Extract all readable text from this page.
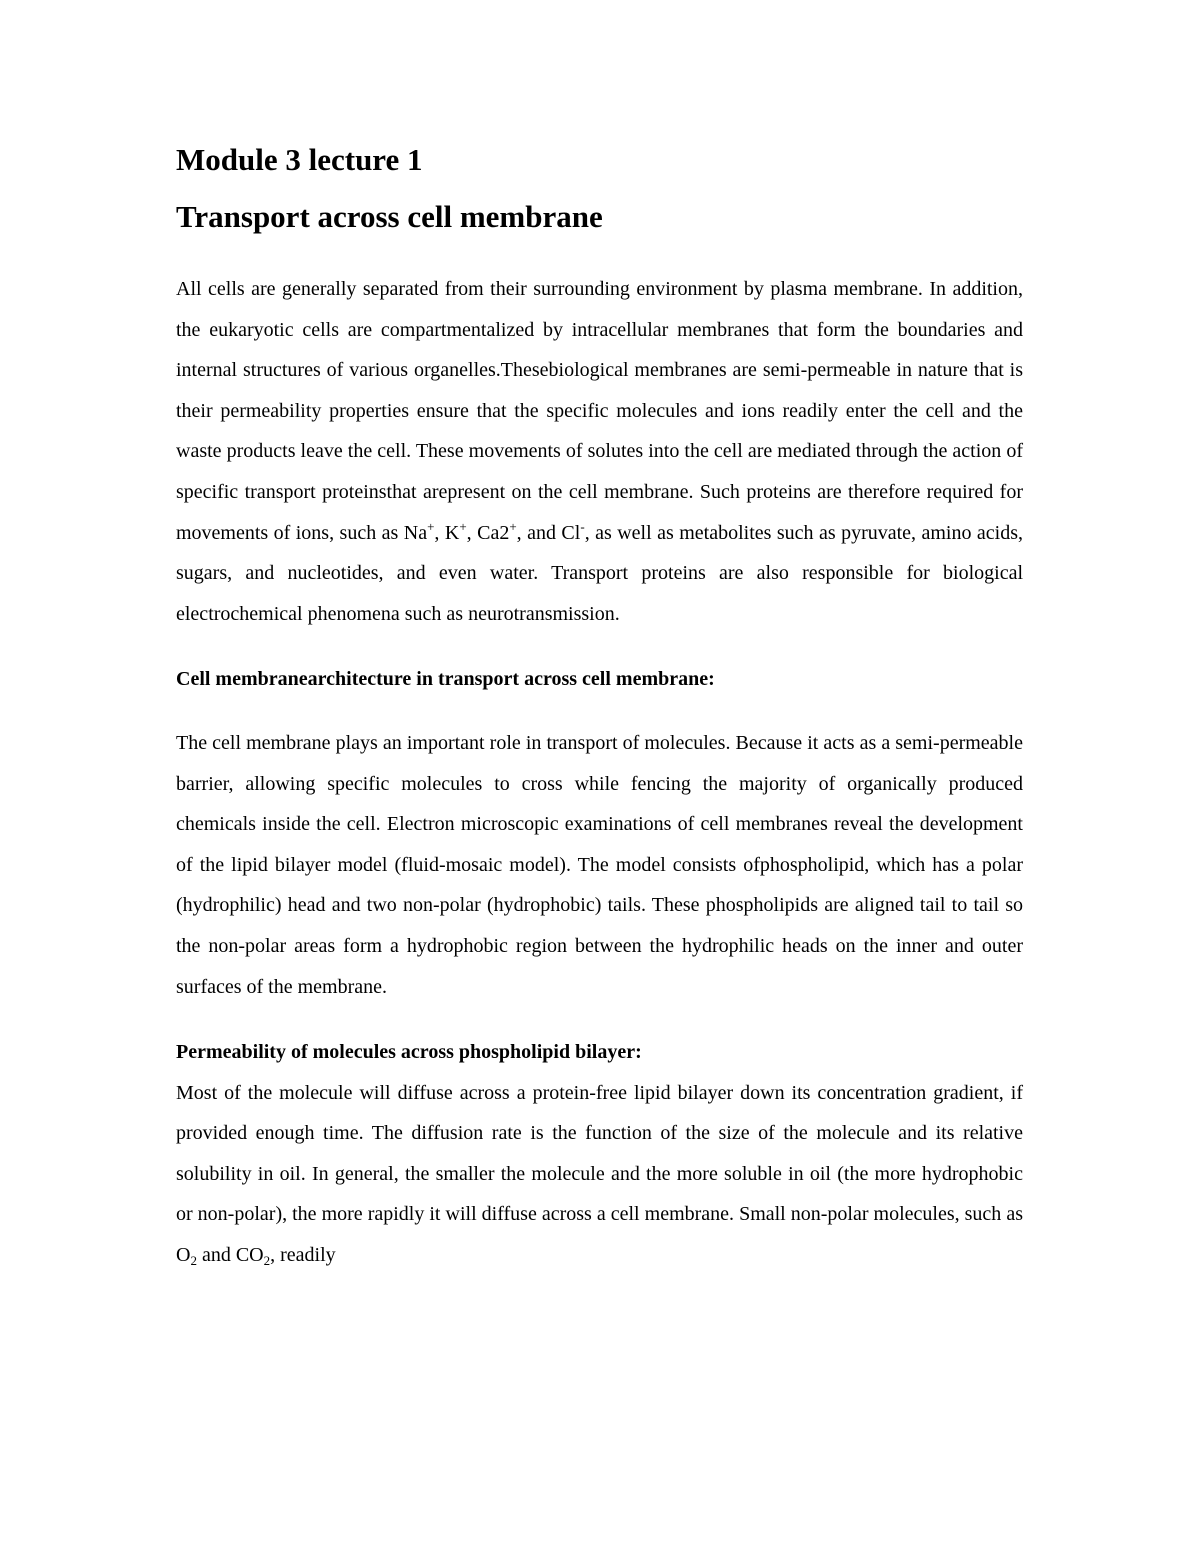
Module 3 lecture 1
Transport across cell membrane

All cells are generally separated from their surrounding environment by plasma membrane. In addition, the eukaryotic cells are compartmentalized by intracellular membranes that form the boundaries and internal structures of various organelles.Thesebiological membranes are semi-permeable in nature that is their permeability properties ensure that the specific molecules and ions readily enter the cell and the waste products leave the cell. These movements of solutes into the cell are mediated through the action of specific transport proteinsthat arepresent on the cell membrane. Such proteins are therefore required for movements of ions, such as Na+, K+, Ca2+, and Cl-, as well as metabolites such as pyruvate, amino acids, sugars, and nucleotides, and even water. Transport proteins are also responsible for biological electrochemical phenomena such as neurotransmission.

Cell membranearchitecture in transport across cell membrane:

The cell membrane plays an important role in transport of molecules. Because it acts as a semi-permeable barrier, allowing specific molecules to cross while fencing the majority of organically produced chemicals inside the cell. Electron microscopic examinations of cell membranes reveal the development of the lipid bilayer model (fluid-mosaic model). The model consists ofphospholipid, which has a polar (hydrophilic) head and two non-polar (hydrophobic) tails. These phospholipids are aligned tail to tail so the non-polar areas form a hydrophobic region between the hydrophilic heads on the inner and outer surfaces of the membrane.

Permeability of molecules across phospholipid bilayer:

Most of the molecule will diffuse across a protein-free lipid bilayer down its concentration gradient, if provided enough time. The diffusion rate is the function of the size of the molecule and its relative solubility in oil. In general, the smaller the molecule and the more soluble in oil (the more hydrophobic or non-polar), the more rapidly it will diffuse across a cell membrane. Small non-polar molecules, such as $O_2$ and $CO_2$, readily
